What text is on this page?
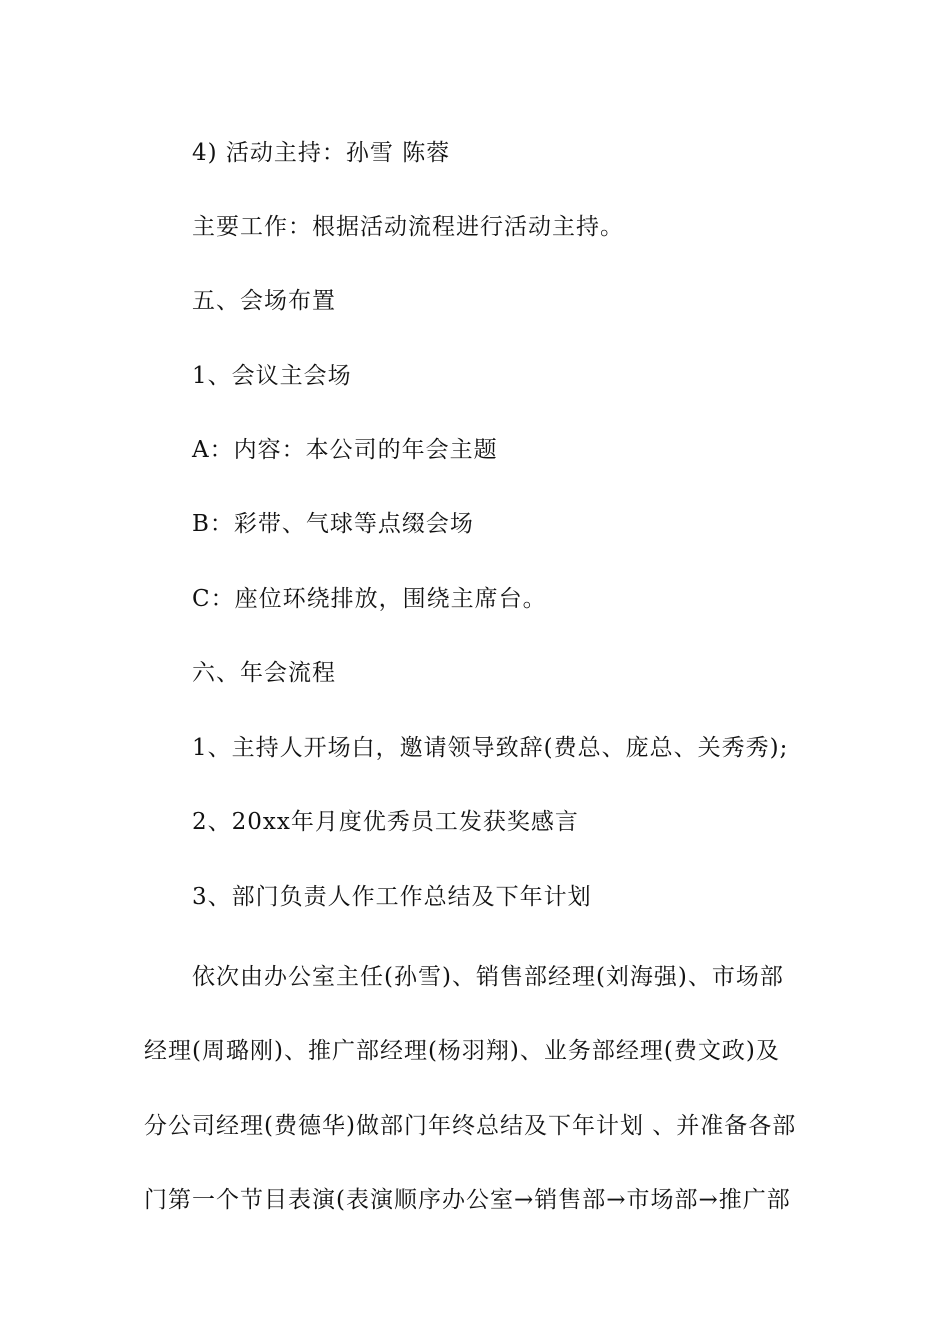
4) 活动主持：孙雪 陈蓉
主要工作：根据活动流程进行活动主持。
五、会场布置
1、会议主会场
A：内容：本公司的年会主题
B：彩带、气球等点缀会场
C：座位环绕排放，围绕主席台。
六、年会流程
1、主持人开场白，邀请领导致辞(费总、庞总、关秀秀);
2、20xx年月度优秀员工发获奖感言
3、部门负责人作工作总结及下年计划
依次由办公室主任(孙雪)、销售部经理(刘海强)、市场部
经理(周璐刚)、推广部经理(杨羽翔)、业务部经理(费文政)及
分公司经理(费德华)做部门年终总结及下年计划 、并准备各部
门第一个节目表演(表演顺序办公室→销售部→市场部→推广部
